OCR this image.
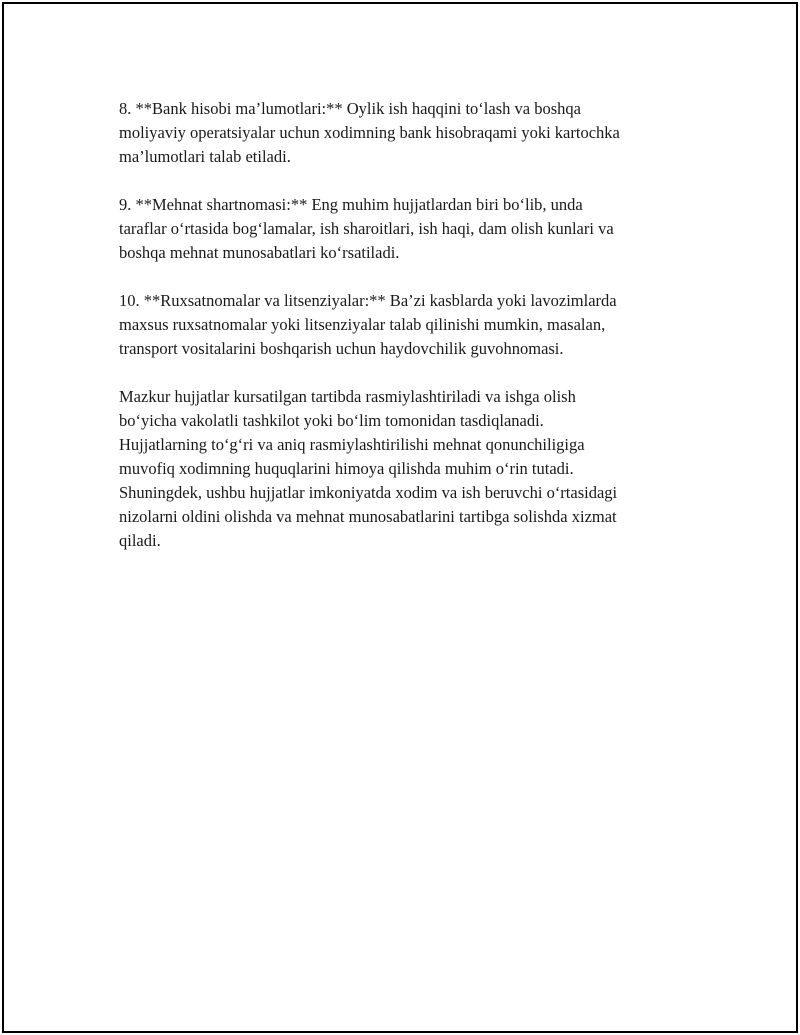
8. **Bank hisobi ma’lumotlari:** Oylik ish haqqini to‘lash va boshqa
moliyaviy operatsiyalar uchun xodimning bank hisobraqami yoki kartochka
ma’lumotlari talab etiladi.

9. **Mehnat shartnomasi:** Eng muhim hujjatlardan biri bo‘lib, unda
taraflar o‘rtasida bog‘lamalar, ish sharoitlari, ish haqi, dam olish kunlari va
boshqa mehnat munosabatlari ko‘rsatiladi.

10. **Ruxsatnomalar va litsenziyalar:** Ba’zi kasblarda yoki lavozimlarda
maxsus ruxsatnomalar yoki litsenziyalar talab qilinishi mumkin, masalan,
transport vositalarini boshqarish uchun haydovchilik guvohnomasi.

Mazkur hujjatlar kursatilgan tartibda rasmiylashtiriladi va ishga olish
bo‘yicha vakolatli tashkilot yoki bo‘lim tomonidan tasdiqlanadi.
Hujjatlarning to‘g‘ri va aniq rasmiylashtirilishi mehnat qonunchiligiga
muvofiq xodimning huquqlarini himoya qilishda muhim o‘rin tutadi.
Shuningdek, ushbu hujjatlar imkoniyatda xodim va ish beruvchi o‘rtasidagi
nizolarni oldini olishda va mehnat munosabatlarini tartibga solishda xizmat
qiladi.
